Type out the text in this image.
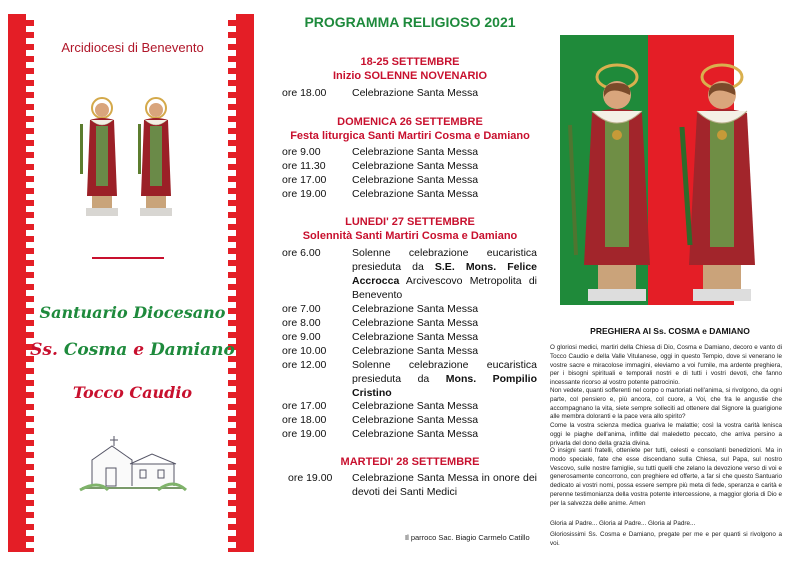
Arcidiocesi di Benevento
Santuario Diocesano
Ss. Cosma e Damiano
Tocco Caudio
PROGRAMMA RELIGIOSO 2021
18-25 SETTEMBRE
Inizio SOLENNE NOVENARIO
ore 18.00 Celebrazione Santa Messa
DOMENICA 26 SETTEMBRE
Festa liturgica Santi Martiri Cosma e Damiano
ore 9.00	Celebrazione Santa Messa
ore 11.30	Celebrazione Santa Messa
ore 17.00 Celebrazione Santa Messa
ore 19.00 Celebrazione Santa Messa
LUNEDI' 27 SETTEMBRE
Solennità Santi Martiri Cosma e Damiano
ore 6.00	Solenne celebrazione eucaristica presieduta da S.E. Mons. Felice Accrocca Arcivescovo Metropolita di Benevento
ore 7.00	Celebrazione Santa Messa
ore 8.00	Celebrazione Santa Messa
ore 9.00	Celebrazione Santa Messa
ore 10.00 Celebrazione Santa Messa
ore 12.00 Solenne celebrazione eucaristica presieduta da Mons. Pompilio Cristino
ore 17.00 Celebrazione Santa Messa
ore 18.00 Celebrazione Santa Messa
ore 19.00 Celebrazione Santa Messa
MARTEDI' 28 SETTEMBRE
ore 19.00 Celebrazione Santa Messa in onore dei devoti dei Santi Medici
Il parroco Sac. Biagio Carmelo Catillo
PREGHIERA AI Ss. COSMA e DAMIANO
O gloriosi medici, martiri della Chiesa di Dio, Cosma e Damiano, decoro e vanto di Tocco Caudio e della Valle Vitulanese, oggi in questo Tempio, dove si venerano le vostre sacre e miracolose immagini, eleviamo a voi l'umile, ma ardente preghiera, per i bisogni spirituali e temporali nostri e di tutti i vostri devoti, che fanno incessante ricorso al vostro potente patrocinio.
Non vedete, quanti sofferenti nel corpo o martoriati nell'anima, si rivolgono, da ogni parte, col pensiero e, più ancora, col cuore, a Voi, che fra le angustie che accompagnano la vita, siete sempre solleciti ad ottenere dal Signore la guarigione alle membra doloranti e la pace vera allo spirito?
Come la vostra scienza medica guariva le malattie; così la vostra carità lenisca oggi le piaghe dell'anima, inflitte dal maledetto peccato, che arriva persino a privarla del dono della grazia divina.
O insigni santi fratelli, otteniete per tutti, celesti e consolanti benedizioni. Ma in modo speciale, fate che esse discendano sulla Chiesa, sul Papa, sul nostro Vescovo, sulle nostre famiglie, su tutti quelli che zelano la devozione verso di voi e generosamente concorrono, con preghiere ed offerte, a far sì che questo Santuario dedicato ai vostri nomi, possa essere sempre più meta di fede, speranza e carità e perenne testimonianza della vostra potente intercessione, a maggior gloria di Dio e per la salvezza delle anime. Amen
Gloria al Padre... Gloria al Padre... Gloria al Padre...
Gloriosissimi Ss. Cosma e Damiano, pregate per me e per quanti si rivolgono a voi.
